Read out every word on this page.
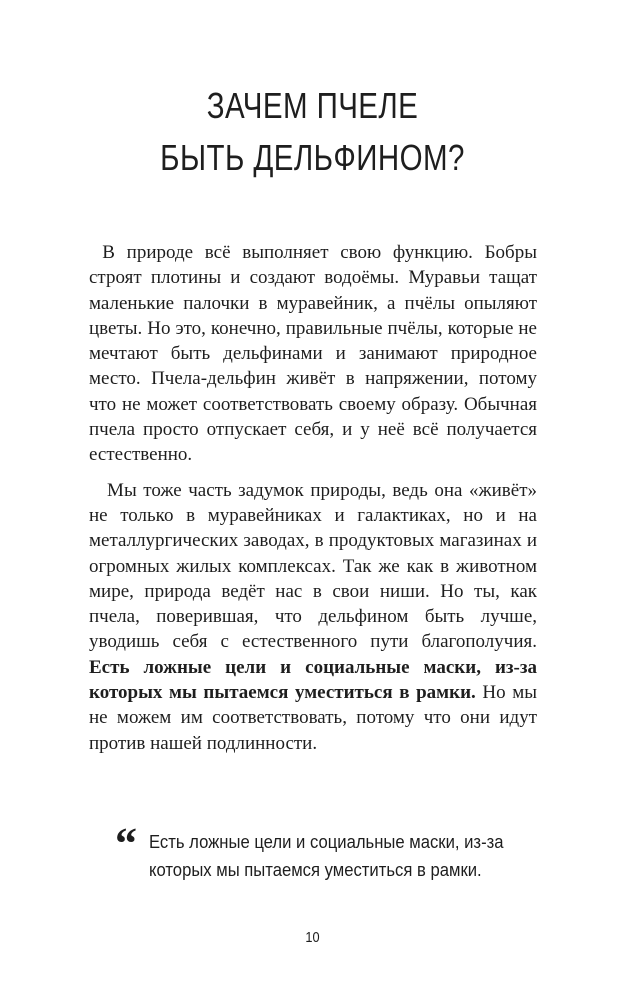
ЗАЧЕМ ПЧЕЛЕ
БЫТЬ ДЕЛЬФИНОМ?

В природе всё выполняет свою функцию. Бобры строят плотины и создают водоёмы. Муравьи тащат маленькие палочки в муравейник, а пчёлы опыляют цветы. Но это, конечно, правильные пчёлы, которые не мечтают быть дельфинами и занимают природное место. Пчела-дельфин живёт в напряжении, потому что не может соответствовать своему образу. Обычная пчела просто отпускает себя, и у неё всё получается естественно.

Мы тоже часть задумок природы, ведь она «живёт» не только в муравейниках и галактиках, но и на металлургических заводах, в продуктовых магазинах и огромных жилых комплексах. Так же как в животном мире, природа ведёт нас в свои ниши. Но ты, как пчела, поверившая, что дельфином быть лучше, уводишь себя с естественного пути благополучия. Есть ложные цели и социальные маски, из-за которых мы пытаемся уместиться в рамки. Но мы не можем им соответствовать, потому что они идут против нашей подлинности.

“ Есть ложные цели и социальные маски, из-за
которых мы пытаемся уместиться в рамки.
10
